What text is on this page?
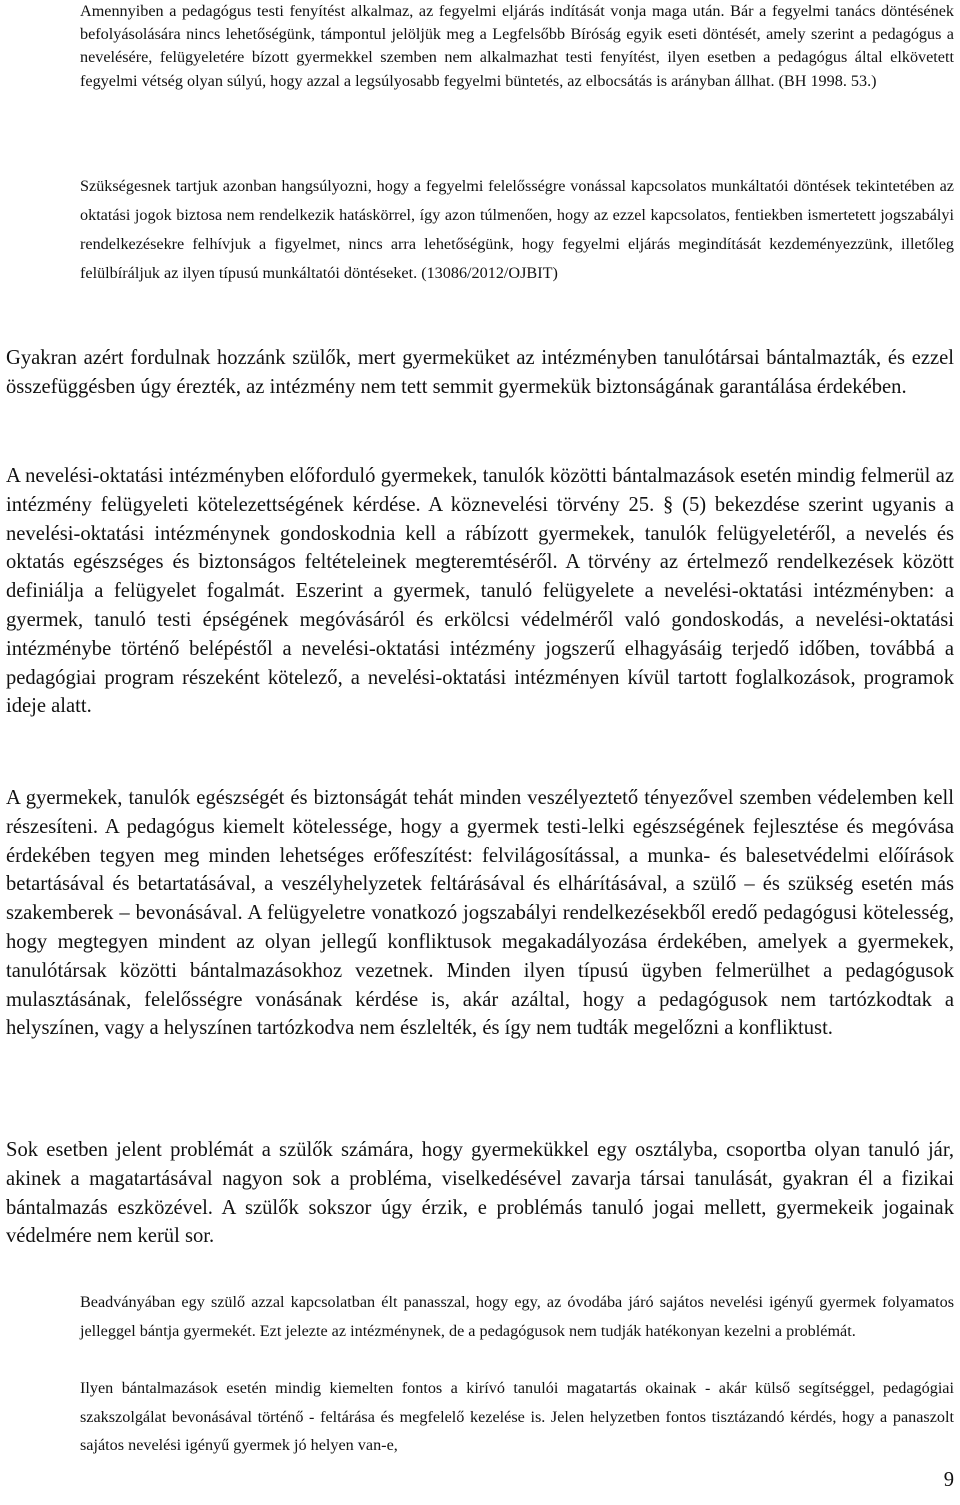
Amennyiben a pedagógus testi fenyítést alkalmaz, az fegyelmi eljárás indítását vonja maga után. Bár a fegyelmi tanács döntésének befolyásolására nincs lehetőségünk, támpontul jelöljük meg a Legfelsőbb Bíróság egyik eseti döntését, amely szerint a pedagógus a nevelésére, felügyeletére bízott gyermekkel szemben nem alkalmazhat testi fenyítést, ilyen esetben a pedagógus által elkövetett fegyelmi vétség olyan súlyú, hogy azzal a legsúlyosabb fegyelmi büntetés, az elbocsátás is arányban állhat. (BH 1998. 53.)

Szükségesnek tartjuk azonban hangsúlyozni, hogy a fegyelmi felelősségre vonással kapcsolatos munkáltatói döntések tekintetében az oktatási jogok biztosa nem rendelkezik hatáskörrel, így azon túlmenően, hogy az ezzel kapcsolatos, fentiekben ismertetett jogszabályi rendelkezésekre felhívjuk a figyelmet, nincs arra lehetőségünk, hogy fegyelmi eljárás megindítását kezdeményezzünk, illetőleg felülbíráljuk az ilyen típusú munkáltatói döntéseket. (13086/2012/OJBIT)

Gyakran azért fordulnak hozzánk szülők, mert gyermeküket az intézményben tanulótársai bántalmazták, és ezzel összefüggésben úgy érezték, az intézmény nem tett semmit gyermekük biztonságának garantálása érdekében.

A nevelési-oktatási intézményben előforduló gyermekek, tanulók közötti bántalmazások esetén mindig felmerül az intézmény felügyeleti kötelezettségének kérdése. A köznevelési törvény 25. § (5) bekezdése szerint ugyanis a nevelési-oktatási intézménynek gondoskodnia kell a rábízott gyermekek, tanulók felügyeletéről, a nevelés és oktatás egészséges és biztonságos feltételeinek megteremtéséről. A törvény az értelmező rendelkezések között definiálja a felügyelet fogalmát. Eszerint a gyermek, tanuló felügyelete a nevelési-oktatási intézményben: a gyermek, tanuló testi épségének megóvásáról és erkölcsi védelméről való gondoskodás, a nevelési-oktatási intézménybe történő belépéstől a nevelési-oktatási intézmény jogszerű elhagyásáig terjedő időben, továbbá a pedagógiai program részeként kötelező, a nevelési-oktatási intézményen kívül tartott foglalkozások, programok ideje alatt.

A gyermekek, tanulók egészségét és biztonságát tehát minden veszélyeztető tényezővel szemben védelemben kell részesíteni. A pedagógus kiemelt kötelessége, hogy a gyermek testi-lelki egészségének fejlesztése és megóvása érdekében tegyen meg minden lehetséges erőfeszítést: felvilágosítással, a munka- és balesetvédelmi előírások betartásával és betartatásával, a veszélyhelyzetek feltárásával és elhárításával, a szülő – és szükség esetén más szakemberek – bevonásával. A felügyeletre vonatkozó jogszabályi rendelkezésekből eredő pedagógusi kötelesség, hogy megtegyen mindent az olyan jellegű konfliktusok megakadályozása érdekében, amelyek a gyermekek, tanulótársak közötti bántalmazásokhoz vezetnek. Minden ilyen típusú ügyben felmerülhet a pedagógusok mulasztásának, felelősségre vonásának kérdése is, akár azáltal, hogy a pedagógusok nem tartózkodtak a helyszínen, vagy a helyszínen tartózkodva nem észlelték, és így nem tudták megelőzni a konfliktust.

Sok esetben jelent problémát a szülők számára, hogy gyermekükkel egy osztályba, csoportba olyan tanuló jár, akinek a magatartásával nagyon sok a probléma, viselkedésével zavarja társai tanulását, gyakran él a fizikai bántalmazás eszközével. A szülők sokszor úgy érzik, e problémás tanuló jogai mellett, gyermekeik jogainak védelmére nem kerül sor.

Beadványában egy szülő azzal kapcsolatban élt panasszal, hogy egy, az óvodába járó sajátos nevelési igényű gyermek folyamatos jelleggel bántja gyermekét. Ezt jelezte az intézménynek, de a pedagógusok nem tudják hatékonyan kezelni a problémát.

Ilyen bántalmazások esetén mindig kiemelten fontos a kirívó tanulói magatartás okainak - akár külső segítséggel, pedagógiai szakszolgálat bevonásával történő - feltárása és megfelelő kezelése is. Jelen helyzetben fontos tisztázandó kérdés, hogy a panaszolt sajátos nevelési igényű gyermek jó helyen van-e,

9
